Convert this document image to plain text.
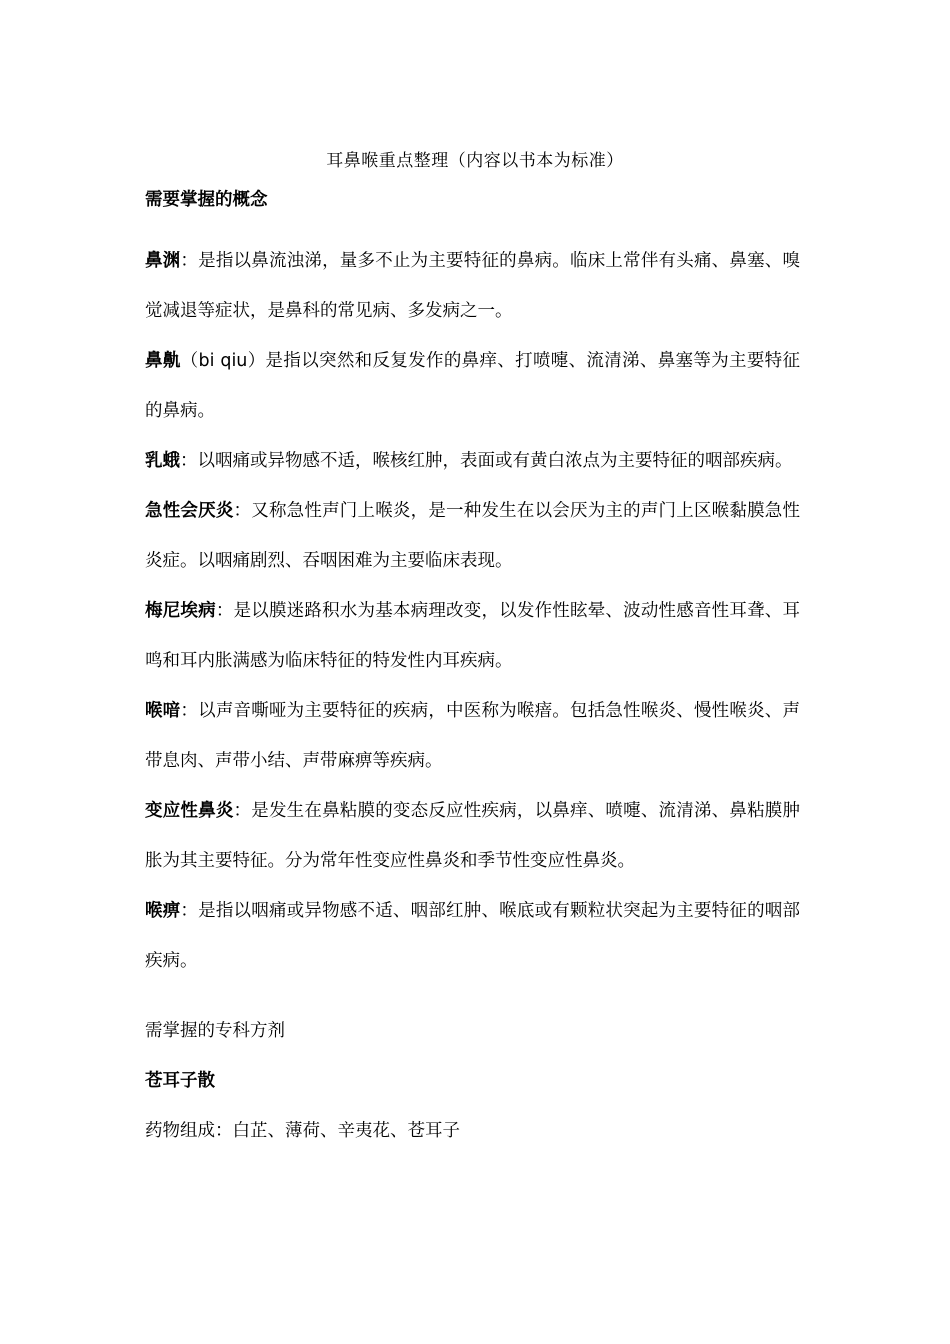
耳鼻喉重点整理（内容以书本为标准）
需要掌握的概念

鼻渊：是指以鼻流浊涕，量多不止为主要特征的鼻病。临床上常伴有头痛、鼻塞、嗅觉减退等症状，是鼻科的常见病、多发病之一。

鼻鼽（bi qiu）是指以突然和反复发作的鼻痒、打喷嚏、流清涕、鼻塞等为主要特征的鼻病。

乳蛾：以咽痛或异物感不适，喉核红肿，表面或有黄白浓点为主要特征的咽部疾病。

急性会厌炎：又称急性声门上喉炎，是一种发生在以会厌为主的声门上区喉黏膜急性炎症。以咽痛剧烈、吞咽困难为主要临床表现。

梅尼埃病：是以膜迷路积水为基本病理改变，以发作性眩晕、波动性感音性耳聋、耳鸣和耳内胀满感为临床特征的特发性内耳疾病。

喉喑：以声音嘶哑为主要特征的疾病，中医称为喉瘖。包括急性喉炎、慢性喉炎、声带息肉、声带小结、声带麻痹等疾病。

变应性鼻炎：是发生在鼻粘膜的变态反应性疾病，以鼻痒、喷嚏、流清涕、鼻粘膜肿胀为其主要特征。分为常年性变应性鼻炎和季节性变应性鼻炎。

喉痹：是指以咽痛或异物感不适、咽部红肿、喉底或有颗粒状突起为主要特征的咽部疾病。

需掌握的专科方剂
苍耳子散
药物组成：白芷、薄荷、辛夷花、苍耳子
